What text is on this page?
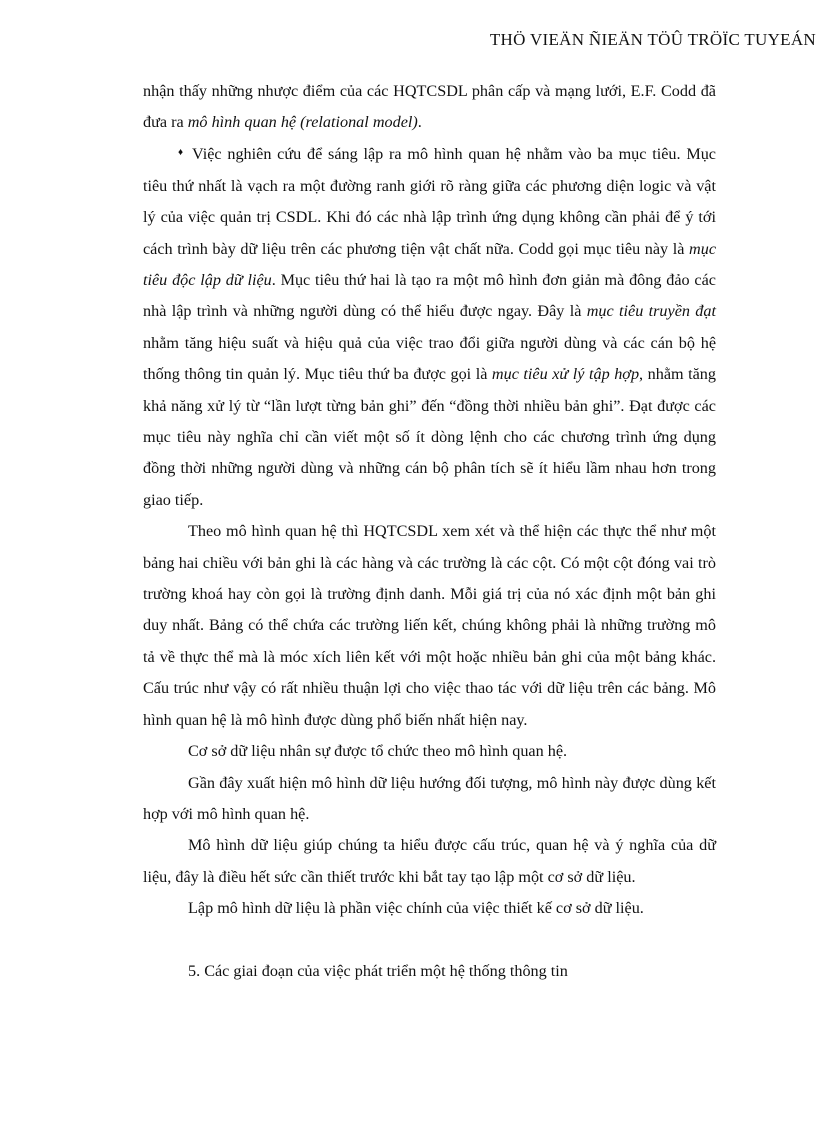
THÖ VIEÄN ÑIEÄN TÖÛ TRÖÏC TUYEÁN

nhận thấy những nhược điểm của các HQTCSDL phân cấp và mạng lưới, E.F. Codd đã đưa ra mô hình quan hệ (relational model).

♦ Việc nghiên cứu để sáng lập ra mô hình quan hệ nhằm vào ba mục tiêu. Mục tiêu thứ nhất là vạch ra một đường ranh giới rõ ràng giữa các phương diện logic và vật lý của việc quản trị CSDL. Khi đó các nhà lập trình ứng dụng không cần phải để ý tới cách trình bày dữ liệu trên các phương tiện vật chất nữa. Codd gọi mục tiêu này là mục tiêu độc lập dữ liệu. Mục tiêu thứ hai là tạo ra một mô hình đơn giản mà đông đảo các nhà lập trình và những người dùng có thể hiểu được ngay. Đây là mục tiêu truyền đạt nhằm tăng hiệu suất và hiệu quả của việc trao đổi giữa người dùng và các cán bộ hệ thống thông tin quản lý. Mục tiêu thứ ba được gọi là mục tiêu xử lý tập hợp, nhằm tăng khả năng xử lý từ “lần lượt từng bản ghi” đến “đồng thời nhiều bản ghi”. Đạt được các mục tiêu này nghĩa chỉ cần viết một số ít dòng lệnh cho các chương trình ứng dụng đồng thời những người dùng và những cán bộ phân tích sẽ ít hiểu lầm nhau hơn trong giao tiếp.

Theo mô hình quan hệ thì HQTCSDL xem xét và thể hiện các thực thể như một bảng hai chiều với bản ghi là các hàng và các trường là các cột. Có một cột đóng vai trò trường khoá hay còn gọi là trường định danh. Mỗi giá trị của nó xác định một bản ghi duy nhất. Bảng có thể chứa các trường liến kết, chúng không phải là những trường mô tả về thực thể mà là móc xích liên kết với một hoặc nhiều bản ghi của một bảng khác. Cấu trúc như vậy có rất nhiều thuận lợi cho việc thao tác với dữ liệu trên các bảng. Mô hình quan hệ là mô hình được dùng phổ biến nhất hiện nay.

Cơ sở dữ liệu nhân sự được tổ chức theo mô hình quan hệ.

Gần đây xuất hiện mô hình dữ liệu hướng đối tượng, mô hình này được dùng kết hợp với mô hình quan hệ.

Mô hình dữ liệu giúp chúng ta hiểu được cấu trúc, quan hệ và ý nghĩa của dữ liệu, đây là điều hết sức cần thiết trước khi bắt tay tạo lập một cơ sở dữ liệu.

Lập mô hình dữ liệu là phần việc chính của việc thiết kế cơ sở dữ liệu.

5. Các giai đoạn của việc phát triển một hệ thống thông tin
